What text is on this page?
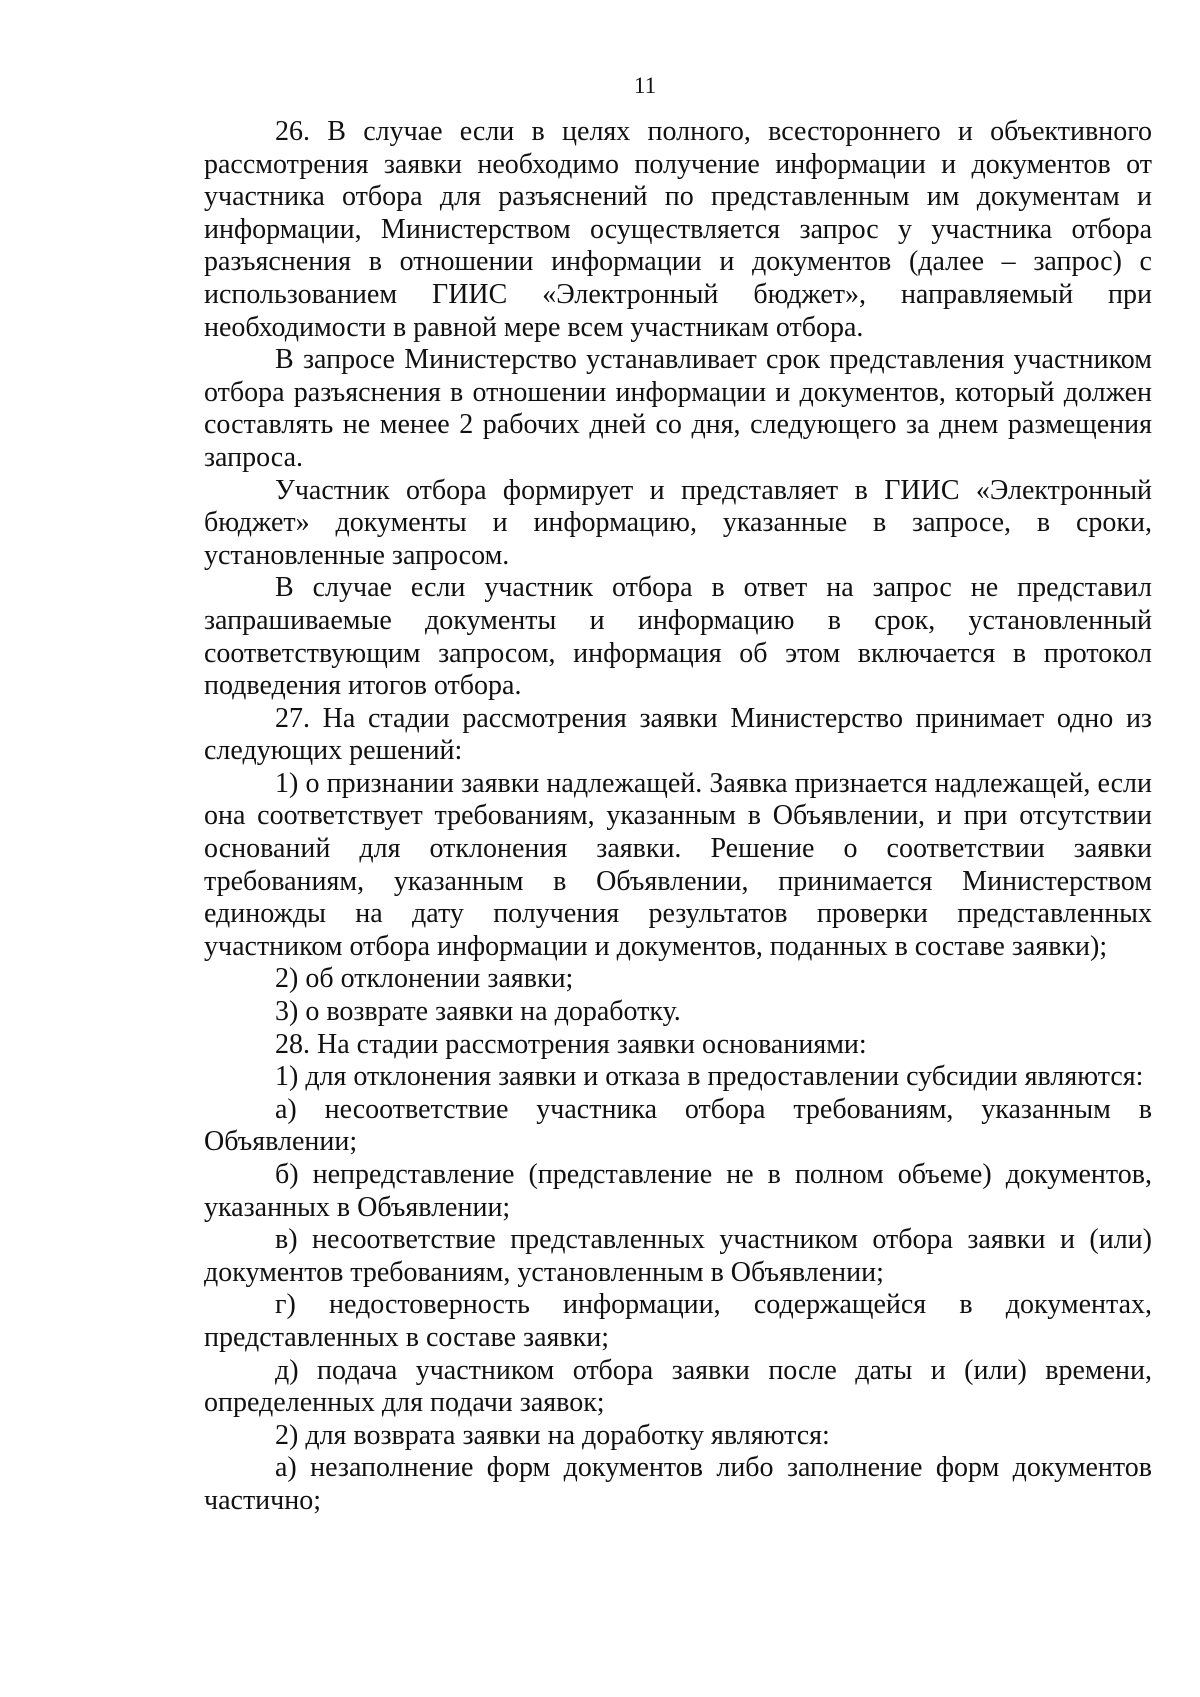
11

26. В случае если в целях полного, всестороннего и объективного рассмотрения заявки необходимо получение информации и документов от участника отбора для разъяснений по представленным им документам и информации, Министерством осуществляется запрос у участника отбора разъяснения в отношении информации и документов (далее – запрос) с использованием ГИИС «Электронный бюджет», направляемый при необходимости в равной мере всем участникам отбора.

В запросе Министерство устанавливает срок представления участником отбора разъяснения в отношении информации и документов, который должен составлять не менее 2 рабочих дней со дня, следующего за днем размещения запроса.

Участник отбора формирует и представляет в ГИИС «Электронный бюджет» документы и информацию, указанные в запросе, в сроки, установленные запросом.

В случае если участник отбора в ответ на запрос не представил запрашиваемые документы и информацию в срок, установленный соответствующим запросом, информация об этом включается в протокол подведения итогов отбора.

27. На стадии рассмотрения заявки Министерство принимает одно из следующих решений:

1) о признании заявки надлежащей. Заявка признается надлежащей, если она соответствует требованиям, указанным в Объявлении, и при отсутствии оснований для отклонения заявки. Решение о соответствии заявки требованиям, указанным в Объявлении, принимается Министерством единожды на дату получения результатов проверки представленных участником отбора информации и документов, поданных в составе заявки);

2) об отклонении заявки;

3) о возврате заявки на доработку.

28. На стадии рассмотрения заявки основаниями:

1) для отклонения заявки и отказа в предоставлении субсидии являются:

а) несоответствие участника отбора требованиям, указанным в Объявлении;

б) непредставление (представление не в полном объеме) документов, указанных в Объявлении;

в) несоответствие представленных участником отбора заявки и (или) документов требованиям, установленным в Объявлении;

г) недостоверность информации, содержащейся в документах, представленных в составе заявки;

д) подача участником отбора заявки после даты и (или) времени, определенных для подачи заявок;

2) для возврата заявки на доработку являются:

а) незаполнение форм документов либо заполнение форм документов частично;
